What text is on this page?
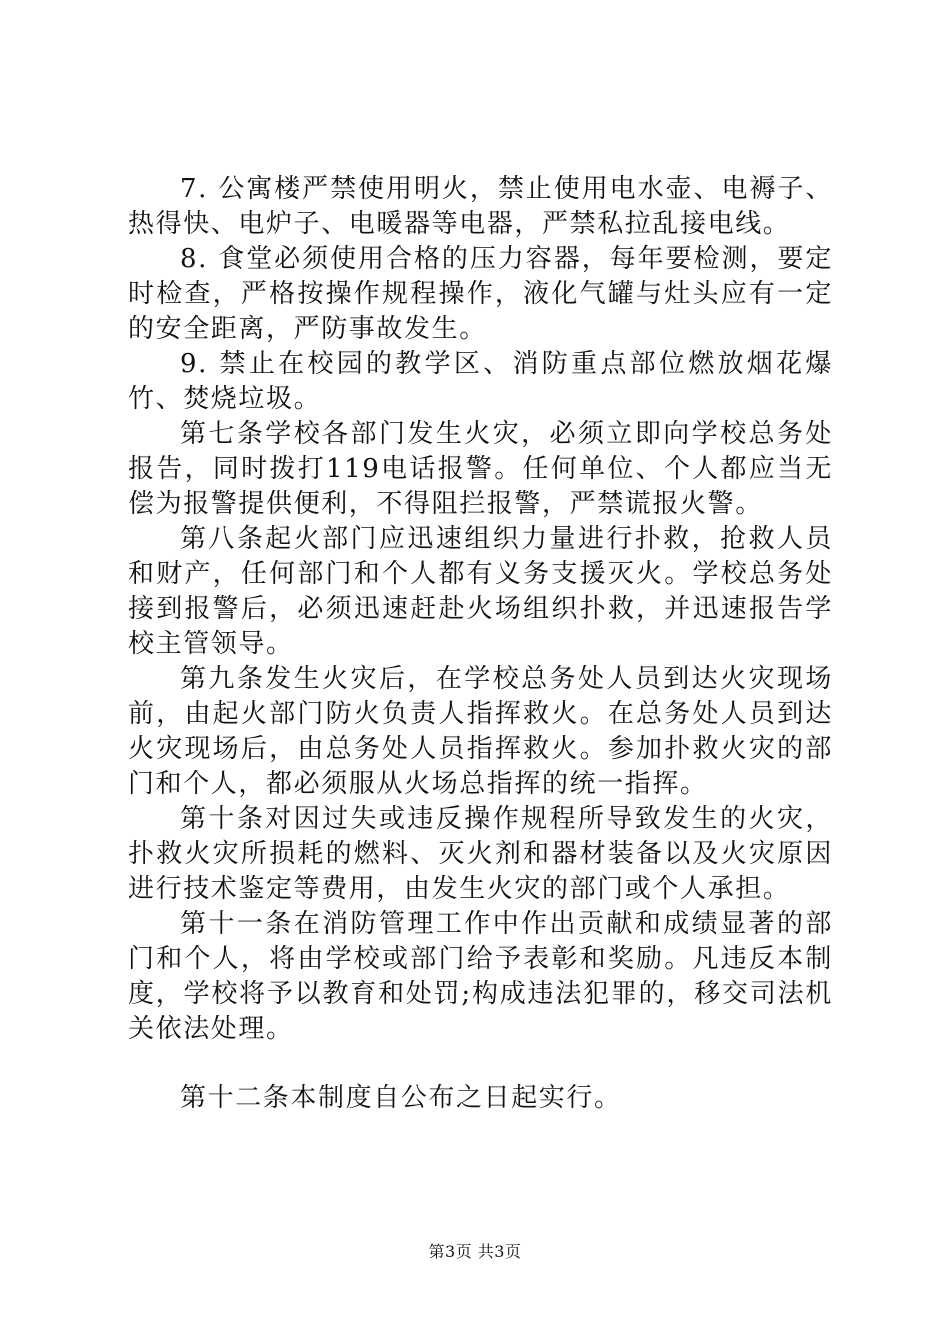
7. 公寓楼严禁使用明火，禁止使用电水壶、电褥子、热得快、电炉子、电暖器等电器，严禁私拉乱接电线。

8. 食堂必须使用合格的压力容器，每年要检测，要定时检查，严格按操作规程操作，液化气罐与灶头应有一定的安全距离，严防事故发生。

9. 禁止在校园的教学区、消防重点部位燃放烟花爆竹、焚烧垃圾。

第七条学校各部门发生火灾，必须立即向学校总务处报告，同时拨打119电话报警。任何单位、个人都应当无偿为报警提供便利，不得阻拦报警，严禁谎报火警。

第八条起火部门应迅速组织力量进行扑救，抢救人员和财产，任何部门和个人都有义务支援灭火。学校总务处接到报警后，必须迅速赶赴火场组织扑救，并迅速报告学校主管领导。

第九条发生火灾后，在学校总务处人员到达火灾现场前，由起火部门防火负责人指挥救火。在总务处人员到达火灾现场后，由总务处人员指挥救火。参加扑救火灾的部门和个人，都必须服从火场总指挥的统一指挥。

第十条对因过失或违反操作规程所导致发生的火灾，扑救火灾所损耗的燃料、灭火剂和器材装备以及火灾原因进行技术鉴定等费用，由发生火灾的部门或个人承担。

第十一条在消防管理工作中作出贡献和成绩显著的部门和个人，将由学校或部门给予表彰和奖励。凡违反本制度，学校将予以教育和处罚;构成违法犯罪的，移交司法机关依法处理。

第十二条本制度自公布之日起实行。

第3页 共3页
